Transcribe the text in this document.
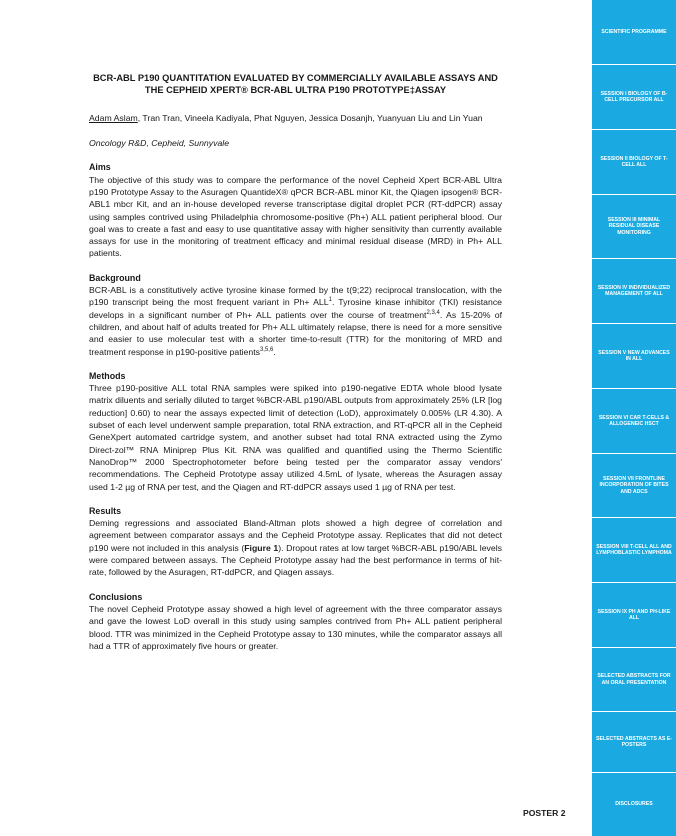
BCR-ABL P190 QUANTITATION EVALUATED BY COMMERCIALLY AVAILABLE ASSAYS AND THE CEPHEID XPERT® BCR-ABL ULTRA P190 PROTOTYPE‡ASSAY

Adam Aslam, Tran Tran, Vineela Kadiyala, Phat Nguyen, Jessica Dosanjh, Yuanyuan Liu and Lin Yuan

Oncology R&D, Cepheid, Sunnyvale

Aims

The objective of this study was to compare the performance of the novel Cepheid Xpert BCR-ABL Ultra p190 Prototype Assay to the Asuragen QuantideX® qPCR BCR-ABL minor Kit, the Qiagen ipsogen® BCR-ABL1 mbcr Kit, and an in-house developed reverse transcriptase digital droplet PCR (RT-ddPCR) assay using samples contrived using Philadelphia chromosome-positive (Ph+) ALL patient peripheral blood. Our goal was to create a fast and easy to use quantitative assay with higher sensitivity than currently available assays for use in the monitoring of treatment efficacy and minimal residual disease (MRD) in Ph+ ALL patients.

Background

BCR-ABL is a constitutively active tyrosine kinase formed by the t(9;22) reciprocal translocation, with the p190 transcript being the most frequent variant in $Ph+ ALL^1$. Tyrosine kinase inhibitor (TKI) resistance develops in a significant number of Ph+ ALL patients over the course of treatment$^{2,3,4}$. As 15-20% of children, and about half of adults treated for Ph+ ALL ultimately relapse, there is need for a more sensitive and easier to use molecular test with a shorter time-to-result (TTR) for the monitoring of MRD and treatment response in p190-positive patients$^{3,5,6}$.

Methods

Three p190-positive ALL total RNA samples were spiked into p190-negative EDTA whole blood lysate matrix diluents and serially diluted to target %BCR-ABL p190/ABL outputs from approximately 25% (LR [log reduction] 0.60) to near the assays expected limit of detection (LoD), approximately 0.005% (LR 4.30). A subset of each level underwent sample preparation, total RNA extraction, and RT-qPCR all in the Cepheid GeneXpert automated cartridge system, and another subset had total RNA extracted using the Zymo Direct-zol™ RNA Miniprep Plus Kit. RNA was qualified and quantified using the Thermo Scientific NanoDrop™ 2000 Spectrophotometer before being tested per the comparator assay vendors' recommendations. The Cepheid Prototype assay utilized 4.5mL of lysate, whereas the Asuragen assay used 1-2 µg of RNA per test, and the Qiagen and RT-ddPCR assays used 1 µg of RNA per test.

Results

Deming regressions and associated Bland-Altman plots showed a high degree of correlation and agreement between comparator assays and the Cepheid Prototype assay. Replicates that did not detect p190 were not included in this analysis (Figure 1). Dropout rates at low target %BCR-ABL p190/ABL levels were compared between assays. The Cepheid Prototype assay had the best performance in terms of hit-rate, followed by the Asuragen, RT-ddPCR, and Qiagen assays.

Conclusions

The novel Cepheid Prototype assay showed a high level of agreement with the three comparator assays and gave the lowest LoD overall in this study using samples contrived from Ph+ ALL patient peripheral blood. TTR was minimized in the Cepheid Prototype assay to 130 minutes, while the comparator assays all had a TTR of approximately five hours or greater.

POSTER 2
SCIENTIFIC PROGRAMME
SESSION I BIOLOGY OF B-CELL PRECURSOR ALL
SESSION II BIOLOGY OF T-CELL ALL
SESSION III MINIMAL RESIDUAL DISEASE MONITORING
SESSION IV INDIVIDUALIZED MANAGEMENT OF ALL
SESSION V NEW ADVANCES IN ALL
SESSION VI CAR T-CELLS & ALLOGENEIC HSCT
SESSION VII FRONTLINE INCORPORATION OF BITES AND ADCS
SESSION VIII T-CELL ALL AND LYMPHOBLASTIC LYMPHOMA
SESSION IX PH AND PH-LIKE ALL
SELECTED ABSTRACTS FOR AN ORAL PRESENTATION
SELECTED ABSTRACTS AS E-POSTERS
DISCLOSURES
